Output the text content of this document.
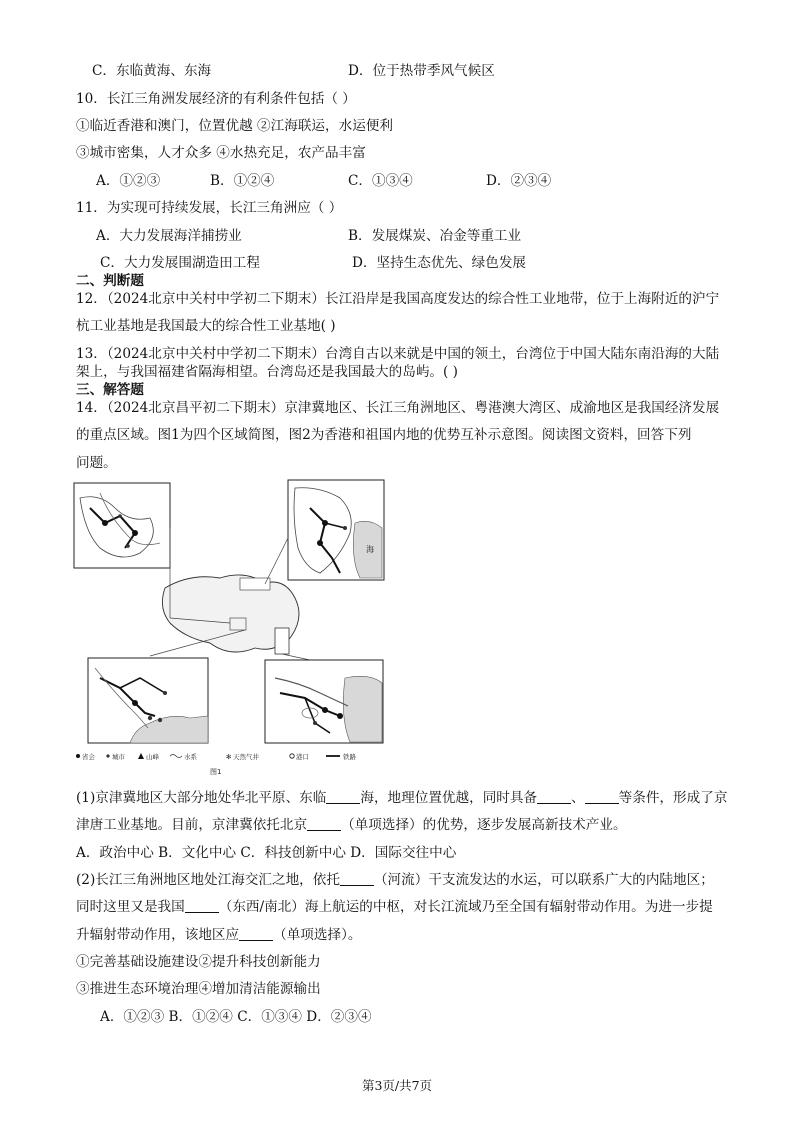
C．东临黄海、东海	D．位于热带季风气候区
10．长江三角洲发展经济的有利条件包括（ ）
①临近香港和澳门，位置优越 ②江海联运，水运便利
③城市密集，人才众多 ④水热充足，农产品丰富
A．①②③	B．①②④	C．①③④	D．②③④
11．为实现可持续发展，长江三角洲应（ ）
A．大力发展海洋捕捞业	B．发展煤炭、冶金等重工业
C．大力发展围湖造田工程	D．坚持生态优先、绿色发展
二、判断题
12．（2024北京中关村中学初二下期末）长江沿岸是我国高度发达的综合性工业地带，位于上海附近的沪宁
杭工业基地是我国最大的综合性工业基地( )
13．（2024北京中关村中学初二下期末）台湾自古以来就是中国的领土，台湾位于中国大陆东南沿海的大陆
架上，与我国福建省隔海相望。台湾岛还是我国最大的岛屿。( )
三、解答题
14．（2024北京昌平初二下期末）京津冀地区、长江三角洲地区、粤港澳大湾区、成渝地区是我国经济发展
的重点区域。图1为四个区域简图，图2为香港和祖国内地的优势互补示意图。阅读图文资料，回答下列
问题。
海
省会	城市	山峰	水系	✻ 天然气井	港口	铁路
图1
(1)京津冀地区大部分地处华北平原、东临	海，地理位置优越，同时具备	、	等条件，形成了京
津唐工业基地。目前，京津冀依托北京	（单项选择）的优势，逐步发展高新技术产业。
A．政治中心 B．文化中心 C．科技创新中心 D．国际交往中心
(2)长江三角洲地区地处江海交汇之地，依托	（河流）干支流发达的水运，可以联系广大的内陆地区；
同时这里又是我国	（东西/南北）海上航运的中枢，对长江流域乃至全国有辐射带动作用。为进一步提
升辐射带动作用，该地区应	（单项选择）。
①完善基础设施建设②提升科技创新能力
③推进生态环境治理④增加清洁能源输出
A．①②③ B．①②④ C．①③④ D．②③④
第3页/共7页
